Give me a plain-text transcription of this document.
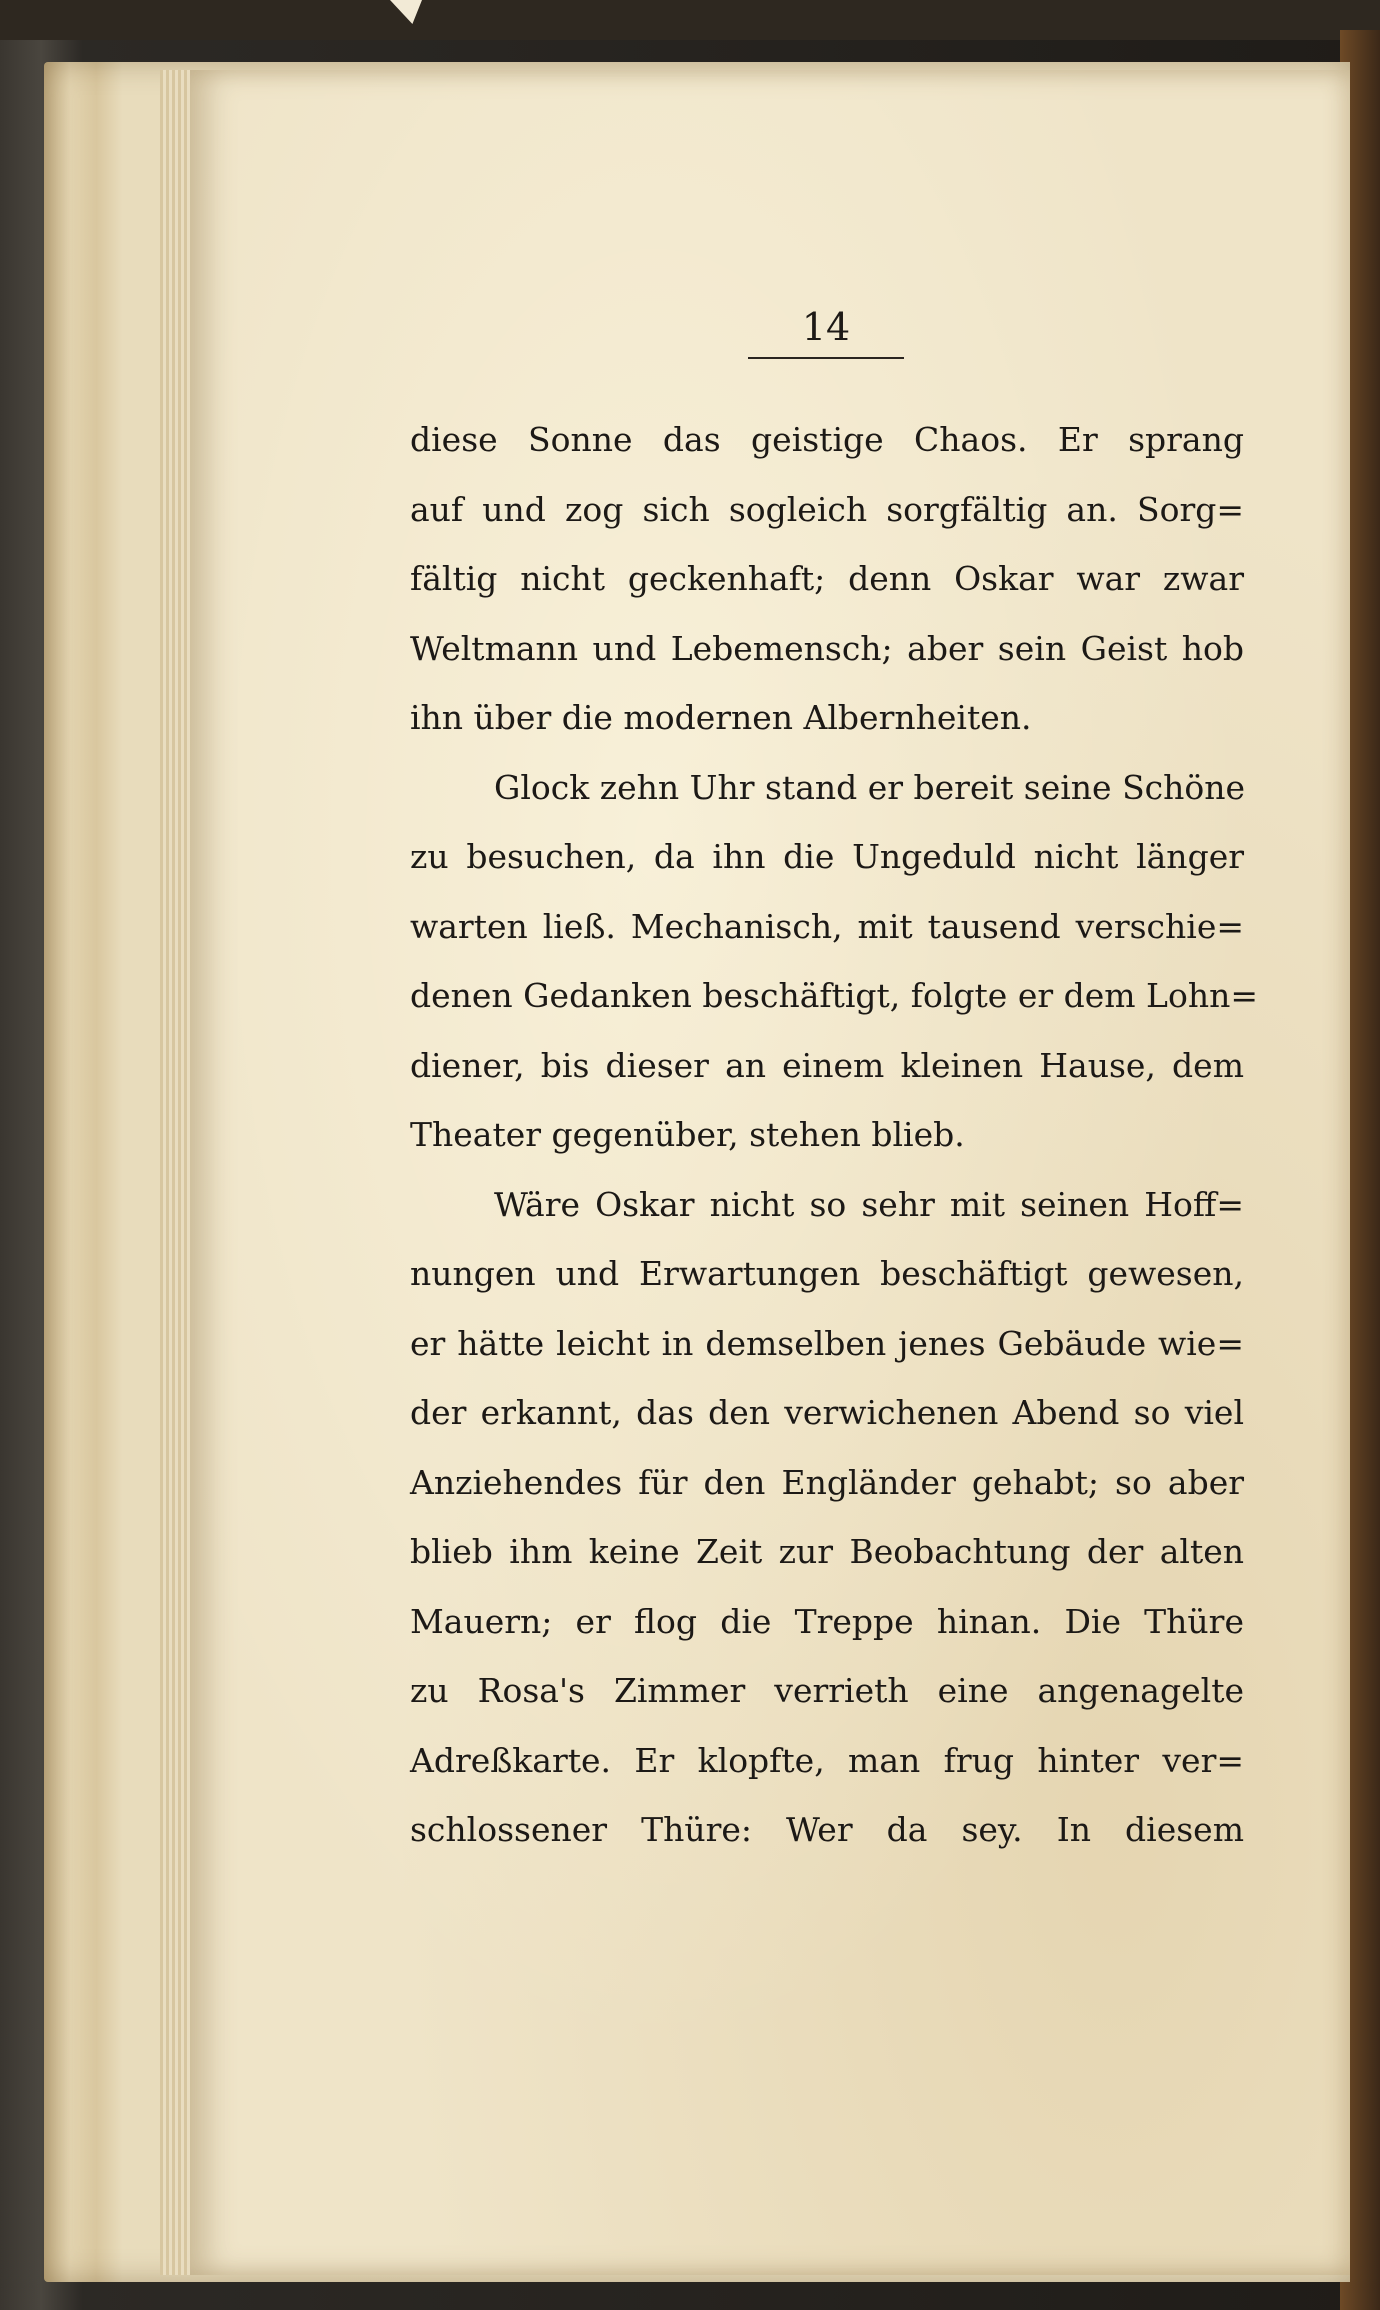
14
diese Sonne das geistige Chaos. Er sprang
auf und zog sich sogleich sorgfältig an. Sorg=
fältig nicht geckenhaft; denn Oskar war zwar
Weltmann und Lebemensch; aber sein Geist hob
ihn über die modernen Albernheiten.
Glock zehn Uhr stand er bereit seine Schöne
zu besuchen, da ihn die Ungeduld nicht länger
warten ließ. Mechanisch, mit tausend verschie=
denen Gedanken beschäftigt, folgte er dem Lohn=
diener, bis dieser an einem kleinen Hause, dem
Theater gegenüber, stehen blieb.
Wäre Oskar nicht so sehr mit seinen Hoff=
nungen und Erwartungen beschäftigt gewesen,
er hätte leicht in demselben jenes Gebäude wie=
der erkannt, das den verwichenen Abend so viel
Anziehendes für den Engländer gehabt; so aber
blieb ihm keine Zeit zur Beobachtung der alten
Mauern; er flog die Treppe hinan. Die Thüre
zu Rosa's Zimmer verrieth eine angenagelte
Adreßkarte. Er klopfte, man frug hinter ver=
schlossener Thüre: Wer da sey. In diesem
